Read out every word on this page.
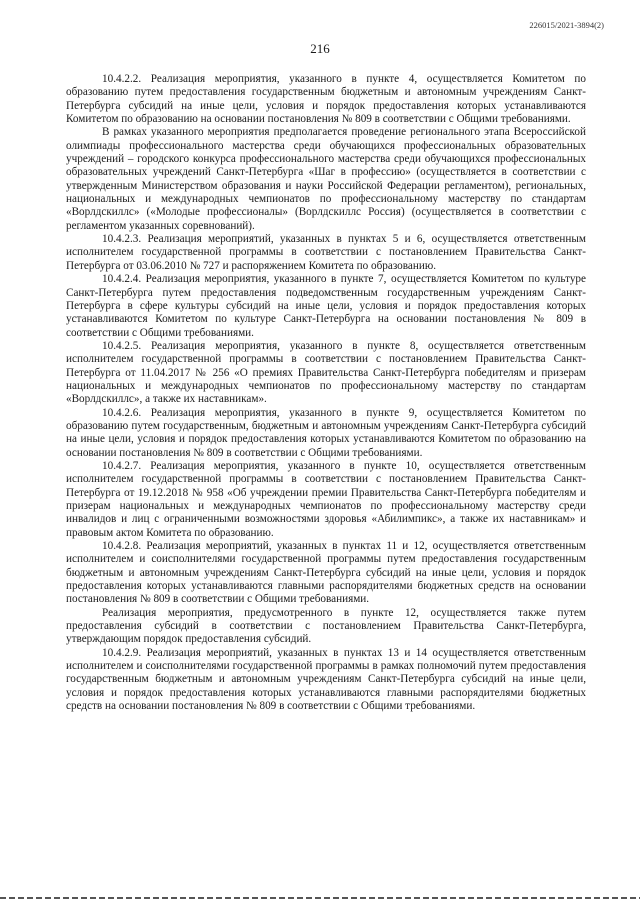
226015/2021-3894(2)
216

10.4.2.2. Реализация мероприятия, указанного в пункте 4, осуществляется Комитетом по образованию путем предоставления государственным бюджетным и автономным учреждениям Санкт-Петербурга субсидий на иные цели, условия и порядок предоставления которых устанавливаются Комитетом по образованию на основании постановления № 809 в соответствии с Общими требованиями.

В рамках указанного мероприятия предполагается проведение регионального этапа Всероссийской олимпиады профессионального мастерства среди обучающихся профессиональных образовательных учреждений – городского конкурса профессионального мастерства среди обучающихся профессиональных образовательных учреждений Санкт-Петербурга «Шаг в профессию» (осуществляется в соответствии с утвержденным Министерством образования и науки Российской Федерации регламентом), региональных, национальных и международных чемпионатов по профессиональному мастерству по стандартам «Ворлдскиллс» («Молодые профессионалы» (Ворлдскиллс Россия) (осуществляется в соответствии с регламентом указанных соревнований).

10.4.2.3. Реализация мероприятий, указанных в пунктах 5 и 6, осуществляется ответственным исполнителем государственной программы в соответствии с постановлением Правительства Санкт-Петербурга от 03.06.2010 № 727 и распоряжением Комитета по образованию.

10.4.2.4. Реализация мероприятия, указанного в пункте 7, осуществляется Комитетом по культуре Санкт-Петербурга путем предоставления подведомственным государственным учреждениям Санкт-Петербурга в сфере культуры субсидий на иные цели, условия и порядок предоставления которых устанавливаются Комитетом по культуре Санкт-Петербурга на основании постановления № 809 в соответствии с Общими требованиями.

10.4.2.5. Реализация мероприятия, указанного в пункте 8, осуществляется ответственным исполнителем государственной программы в соответствии с постановлением Правительства Санкт-Петербурга от 11.04.2017 № 256 «О премиях Правительства Санкт-Петербурга победителям и призерам национальных и международных чемпионатов по профессиональному мастерству по стандартам «Ворлдскиллс», а также их наставникам».

10.4.2.6. Реализация мероприятия, указанного в пункте 9, осуществляется Комитетом по образованию путем государственным, бюджетным и автономным учреждениям Санкт-Петербурга субсидий на иные цели, условия и порядок предоставления которых устанавливаются Комитетом по образованию на основании постановления № 809 в соответствии с Общими требованиями.

10.4.2.7. Реализация мероприятия, указанного в пункте 10, осуществляется ответственным исполнителем государственной программы в соответствии с постановлением Правительства Санкт-Петербурга от 19.12.2018 № 958 «Об учреждении премии Правительства Санкт-Петербурга победителям и призерам национальных и международных чемпионатов по профессиональному мастерству среди инвалидов и лиц с ограниченными возможностями здоровья «Абилимпикс», а также их наставникам» и правовым актом Комитета по образованию.

10.4.2.8. Реализация мероприятий, указанных в пунктах 11 и 12, осуществляется ответственным исполнителем и соисполнителями государственной программы путем предоставления государственным бюджетным и автономным учреждениям Санкт-Петербурга субсидий на иные цели, условия и порядок предоставления которых устанавливаются главными распорядителями бюджетных средств на основании постановления № 809 в соответствии с Общими требованиями.

Реализация мероприятия, предусмотренного в пункте 12, осуществляется также путем предоставления субсидий в соответствии с постановлением Правительства Санкт-Петербурга, утверждающим порядок предоставления субсидий.

10.4.2.9. Реализация мероприятий, указанных в пунктах 13 и 14 осуществляется ответственным исполнителем и соисполнителями государственной программы в рамках полномочий путем предоставления государственным бюджетным и автономным учреждениям Санкт-Петербурга субсидий на иные цели, условия и порядок предоставления которых устанавливаются главными распорядителями бюджетных средств на основании постановления № 809 в соответствии с Общими требованиями.
